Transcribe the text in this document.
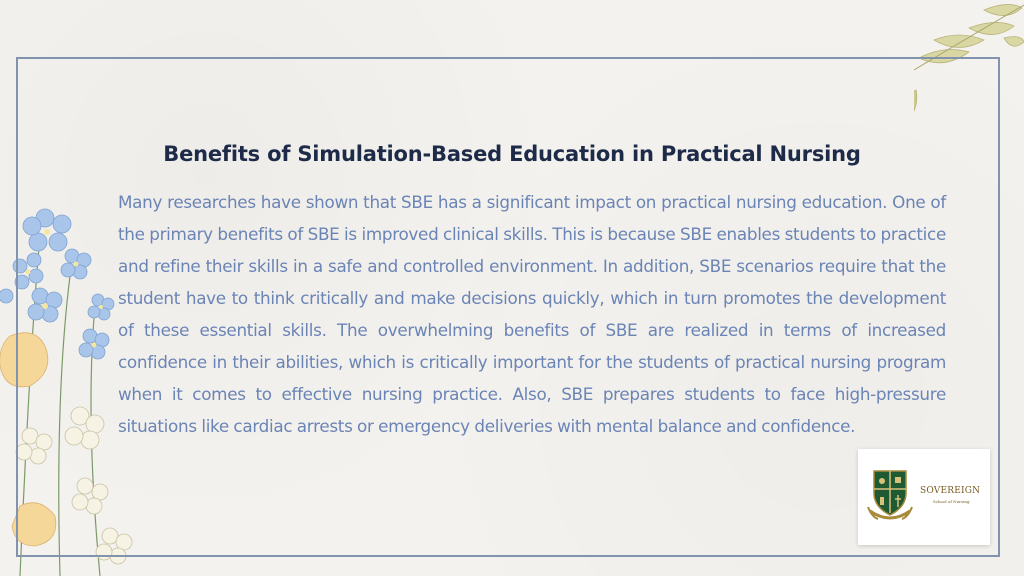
Benefits of Simulation-Based Education in Practical Nursing
Many researches have shown that SBE has a significant impact on practical nursing education. One of the primary benefits of SBE is improved clinical skills. This is because SBE enables students to practice and refine their skills in a safe and controlled environment. In addition, SBE scenarios require that the student have to think critically and make decisions quickly, which in turn promotes the development of these essential skills. The overwhelming benefits of SBE are realized in terms of increased confidence in their abilities, which is critically important for the students of practical nursing program when it comes to effective nursing practice. Also, SBE prepares students to face high-pressure situations like cardiac arrests or emergency deliveries with mental balance and confidence.
SOVEREIGN
School of Nursing
